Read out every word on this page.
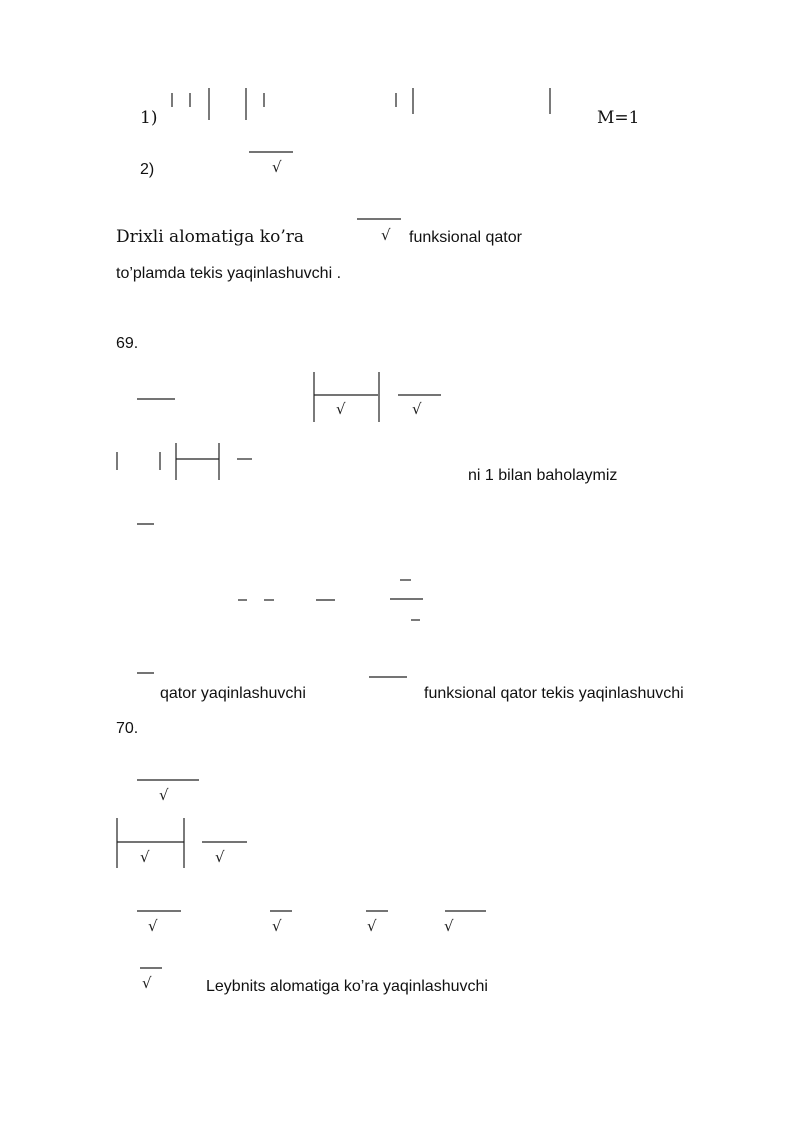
1)	M=1
2)
Drixli alomatiga ko’ra	funksional qator
to’plamda tekis yaqinlashuvchi .
69.
ni 1 bilan baholaymiz
qator yaqinlashuvchi	funksional qator tekis yaqinlashuvchi
70.
Leybnits alomatiga ko’ra yaqinlashuvchi
√
√
√	√
√
√	√
√	√	√	√
√
